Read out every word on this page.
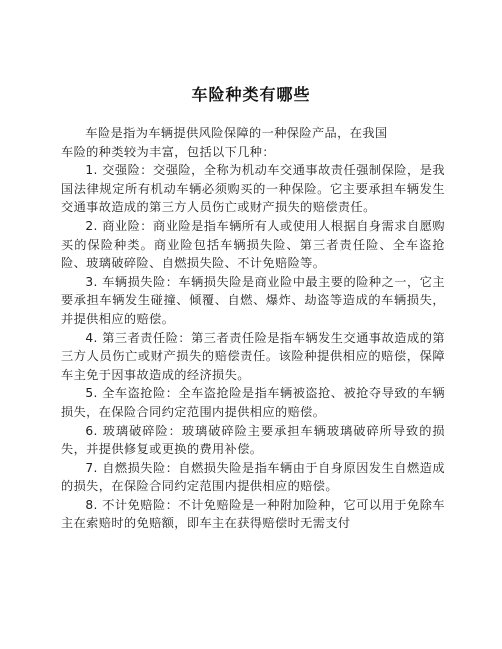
车险种类有哪些

车险是指为车辆提供风险保障的一种保险产品，在我国

车险的种类较为丰富，包括以下几种：

1. 交强险：交强险，全称为机动车交通事故责任强制保险，是我国法律规定所有机动车辆必须购买的一种保险。它主要承担车辆发生交通事故造成的第三方人员伤亡或财产损失的赔偿责任。

2. 商业险：商业险是指车辆所有人或使用人根据自身需求自愿购买的保险种类。商业险包括车辆损失险、第三者责任险、全车盗抢险、玻璃破碎险、自燃损失险、不计免赔险等。

3. 车辆损失险：车辆损失险是商业险中最主要的险种之一，它主要承担车辆发生碰撞、倾覆、自燃、爆炸、劫盗等造成的车辆损失，并提供相应的赔偿。

4. 第三者责任险：第三者责任险是指车辆发生交通事故造成的第三方人员伤亡或财产损失的赔偿责任。该险种提供相应的赔偿，保障车主免于因事故造成的经济损失。

5. 全车盗抢险：全车盗抢险是指车辆被盗抢、被抢夺导致的车辆损失，在保险合同约定范围内提供相应的赔偿。

6. 玻璃破碎险：玻璃破碎险主要承担车辆玻璃破碎所导致的损失，并提供修复或更换的费用补偿。

7. 自燃损失险：自燃损失险是指车辆由于自身原因发生自燃造成的损失，在保险合同约定范围内提供相应的赔偿。

8. 不计免赔险：不计免赔险是一种附加险种，它可以用于免除车主在索赔时的免赔额，即车主在获得赔偿时无需支付
